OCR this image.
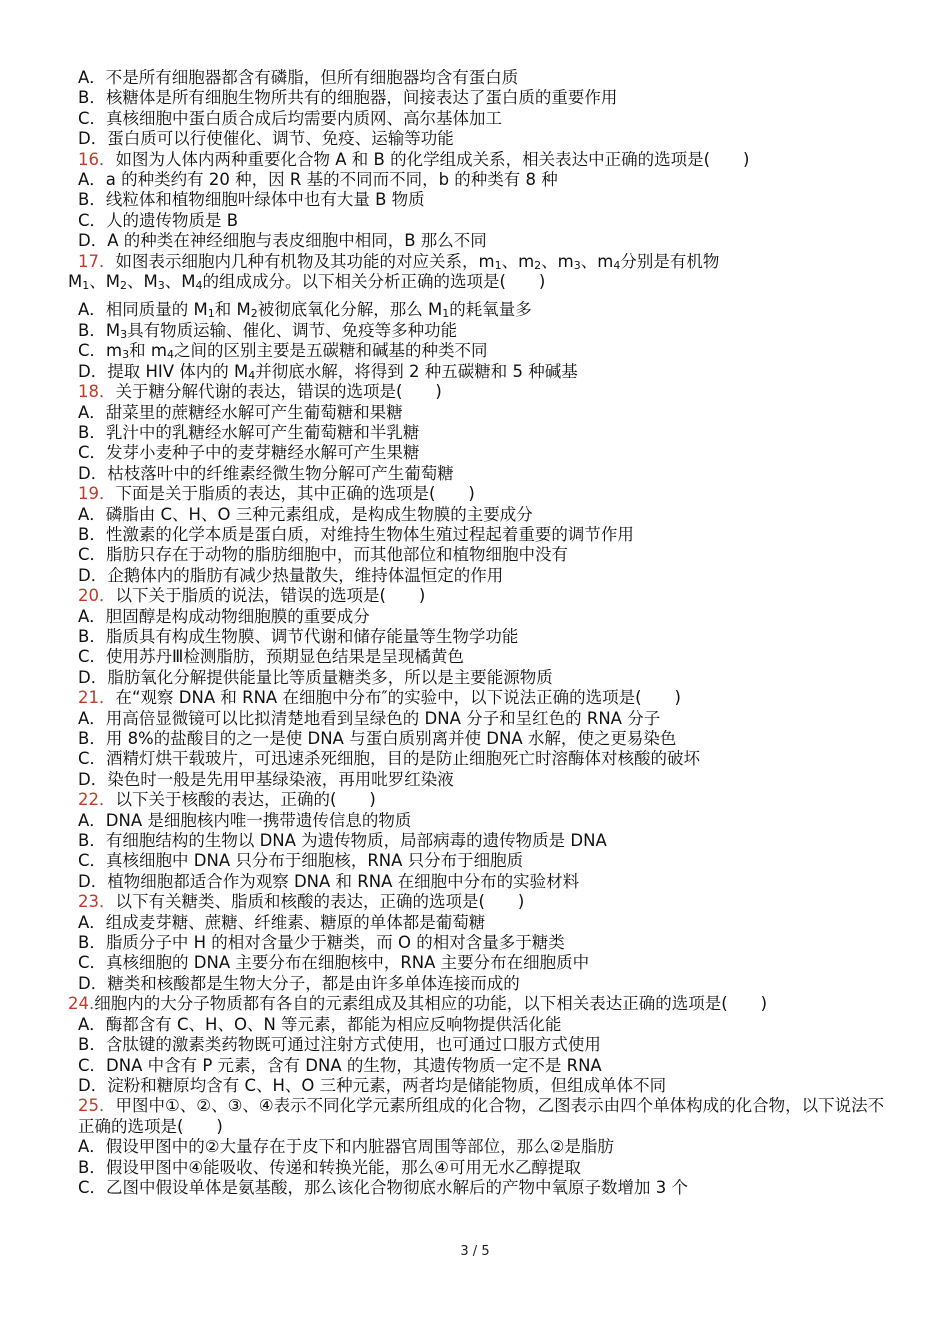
A．不是所有细胞器都含有磷脂，但所有细胞器均含有蛋白质
B．核糖体是所有细胞生物所共有的细胞器，间接表达了蛋白质的重要作用
C．真核细胞中蛋白质合成后均需要内质网、高尔基体加工
D．蛋白质可以行使催化、调节、免疫、运输等功能
16．如图为人体内两种重要化合物 A 和 B 的化学组成关系，相关表达中正确的选项是(　　)
A．a 的种类约有 20 种，因 R 基的不同而不同，b 的种类有 8 种
B．线粒体和植物细胞叶绿体中也有大量 B 物质
C．人的遗传物质是 B
D．A 的种类在神经细胞与表皮细胞中相同，B 那么不同
17．如图表示细胞内几种有机物及其功能的对应关系，$m_1$、$m_2$、$m_3$、$m_4$分别是有机物
$M_1$、$M_2$、$M_3$、$M_4$的组成成分。以下相关分析正确的选项是(　　)
A．相同质量的 $M_1$和 $M_2$被彻底氧化分解，那么 $M_1$的耗氧量多
B．$M_3$具有物质运输、催化、调节、免疫等多种功能
C．$m_3$和 $m_4$之间的区别主要是五碳糖和碱基的种类不同
D．提取 HIV 体内的 $M_4$并彻底水解，将得到 2 种五碳糖和 5 种碱基
18．关于糖分解代谢的表达，错误的选项是(　　)
A．甜菜里的蔗糖经水解可产生葡萄糖和果糖
B．乳汁中的乳糖经水解可产生葡萄糖和半乳糖
C．发芽小麦种子中的麦芽糖经水解可产生果糖
D．枯枝落叶中的纤维素经微生物分解可产生葡萄糖
19．下面是关于脂质的表达，其中正确的选项是(　　)
A．磷脂由 C、H、O 三种元素组成，是构成生物膜的主要成分
B．性激素的化学本质是蛋白质，对维持生物体生殖过程起着重要的调节作用
C．脂肪只存在于动物的脂肪细胞中，而其他部位和植物细胞中没有
D．企鹅体内的脂肪有减少热量散失，维持体温恒定的作用
20．以下关于脂质的说法，错误的选项是(　　)
A．胆固醇是构成动物细胞膜的重要成分
B．脂质具有构成生物膜、调节代谢和储存能量等生物学功能
C．使用苏丹Ⅲ检测脂肪，预期显色结果是呈现橘黄色
D．脂肪氧化分解提供能量比等质量糖类多，所以是主要能源物质
21．在“观察 DNA 和 RNA 在细胞中分布″的实验中，以下说法正确的选项是(　　)
A．用高倍显微镜可以比拟清楚地看到呈绿色的 DNA 分子和呈红色的 RNA 分子
B．用 8%的盐酸目的之一是使 DNA 与蛋白质别离并使 DNA 水解，使之更易染色
C．酒精灯烘干载玻片，可迅速杀死细胞，目的是防止细胞死亡时溶酶体对核酸的破坏
D．染色时一般是先用甲基绿染液，再用吡罗红染液
22．以下关于核酸的表达，正确的(　　)
A．DNA 是细胞核内唯一携带遗传信息的物质
B．有细胞结构的生物以 DNA 为遗传物质，局部病毒的遗传物质是 DNA
C．真核细胞中 DNA 只分布于细胞核，RNA 只分布于细胞质
D．植物细胞都适合作为观察 DNA 和 RNA 在细胞中分布的实验材料
23．以下有关糖类、脂质和核酸的表达，正确的选项是(　　)
A．组成麦芽糖、蔗糖、纤维素、糖原的单体都是葡萄糖
B．脂质分子中 H 的相对含量少于糖类，而 O 的相对含量多于糖类
C．真核细胞的 DNA 主要分布在细胞核中，RNA 主要分布在细胞质中
D．糖类和核酸都是生物大分子，都是由许多单体连接而成的
24.细胞内的大分子物质都有各自的元素组成及其相应的功能，以下相关表达正确的选项是(　　)
A．酶都含有 C、H、O、N 等元素，都能为相应反响物提供活化能
B．含肽键的激素类药物既可通过注射方式使用，也可通过口服方式使用
C．DNA 中含有 P 元素，含有 DNA 的生物，其遗传物质一定不是 RNA
D．淀粉和糖原均含有 C、H、O 三种元素，两者均是储能物质，但组成单体不同
25．甲图中①、②、③、④表示不同化学元素所组成的化合物，乙图表示由四个单体构成的化合物，以下说法不正确的选项是(　　)
A．假设甲图中的②大量存在于皮下和内脏器官周围等部位，那么②是脂肪
B．假设甲图中④能吸收、传递和转换光能，那么④可用无水乙醇提取
C．乙图中假设单体是氨基酸，那么该化合物彻底水解后的产物中氧原子数增加 3 个
3 / 5
